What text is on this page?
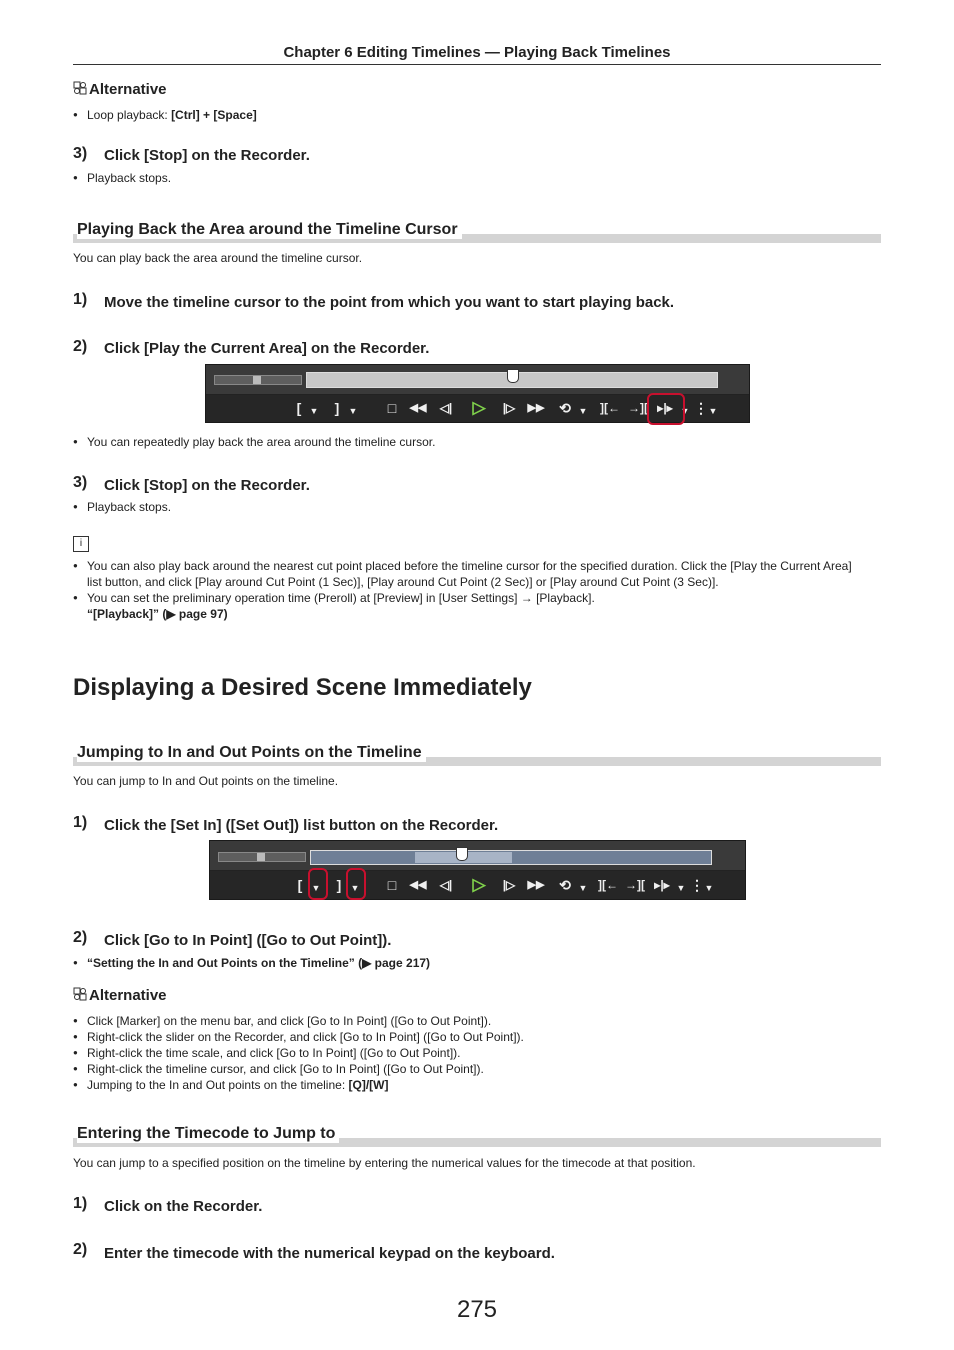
Chapter 6 Editing Timelines — Playing Back Timelines
Alternative
● Loop playback: [Ctrl] + [Space]
3) Click [Stop] on the Recorder.
● Playback stops.
Playing Back the Area around the Timeline Cursor
You can play back the area around the timeline cursor.
1) Move the timeline cursor to the point from which you want to start playing back.
2) Click [Play the Current Area] on the Recorder.
[ ▼	]	▼	□	◀◀	◁| ▷	|▷	▶▶ ⟲ ▼ ][← →][ ▸|▸ ▼ ⋮ ▼
● You can repeatedly play back the area around the timeline cursor.
3) Click [Stop] on the Recorder.
● Playback stops.
i
● You can also play back around the nearest cut point placed before the timeline cursor for the specified duration. Click the [Play the Current Area] list button, and click [Play around Cut Point (1 Sec)], [Play around Cut Point (2 Sec)] or [Play around Cut Point (3 Sec)].
● You can set the preliminary operation time (Preroll) at [Preview] in [User Settings] → [Playback].
“[Playback]” (▶ page 97)
Displaying a Desired Scene Immediately
Jumping to In and Out Points on the Timeline
You can jump to In and Out points on the timeline.
1) Click the [Set In] ([Set Out]) list button on the Recorder.
[	▼	]	▼	□	◀◀	◁| ▷	|▷	▶▶ ⟲ ▼ ][← →][ ▸|▸ ▼ ⋮ ▼
2) Click [Go to In Point] ([Go to Out Point]).
● “Setting the In and Out Points on the Timeline” (▶ page 217)
Alternative
● Click [Marker] on the menu bar, and click [Go to In Point] ([Go to Out Point]).
● Right-click the slider on the Recorder, and click [Go to In Point] ([Go to Out Point]).
● Right-click the time scale, and click [Go to In Point] ([Go to Out Point]).
● Right-click the timeline cursor, and click [Go to In Point] ([Go to Out Point]).
● Jumping to the In and Out points on the timeline: [Q]/[W]
Entering the Timecode to Jump to
You can jump to a specified position on the timeline by entering the numerical values for the timecode at that position.
1) Click on the Recorder.
2) Enter the timecode with the numerical keypad on the keyboard.
275
